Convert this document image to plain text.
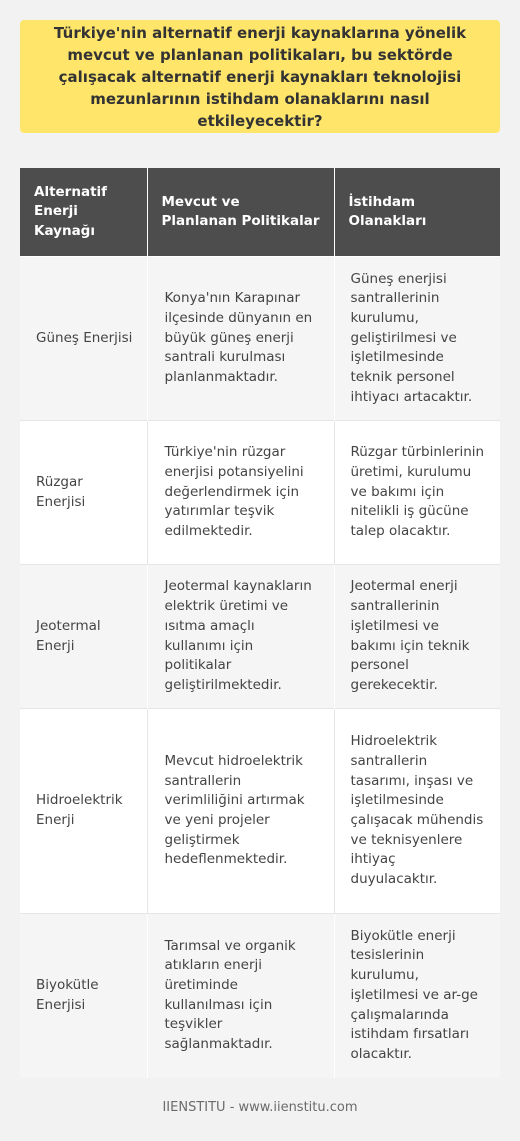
Türkiye'nin alternatif enerji kaynaklarına yönelik mevcut ve planlanan politikaları, bu sektörde çalışacak alternatif enerji kaynakları teknolojisi mezunlarının istihdam olanaklarını nasıl etkileyecektir?
Alternatif Enerji Kaynağı	Mevcut ve Planlanan Politikalar	İstihdam Olanakları
Güneş Enerjisi	Konya'nın Karapınar ilçesinde dünyanın en büyük güneş enerji santrali kurulması planlanmaktadır.	Güneş enerjisi santrallerinin kurulumu, geliştirilmesi ve işletilmesinde teknik personel ihtiyacı artacaktır.
Rüzgar Enerjisi	Türkiye'nin rüzgar enerjisi potansiyelini değerlendirmek için yatırımlar teşvik edilmektedir.	Rüzgar türbinlerinin üretimi, kurulumu ve bakımı için nitelikli iş gücüne talep olacaktır.
Jeotermal Enerji	Jeotermal kaynakların elektrik üretimi ve ısıtma amaçlı kullanımı için politikalar geliştirilmektedir.	Jeotermal enerji santrallerinin işletilmesi ve bakımı için teknik personel gerekecektir.
Hidroelektrik Enerji	Mevcut hidroelektrik santrallerin verimliliğini artırmak ve yeni projeler geliştirmek hedeflenmektedir.	Hidroelektrik santrallerin tasarımı, inşası ve işletilmesinde çalışacak mühendis ve teknisyenlere ihtiyaç duyulacaktır.
Biyokütle Enerjisi	Tarımsal ve organik atıkların enerji üretiminde kullanılması için teşvikler sağlanmaktadır.	Biyokütle enerji tesislerinin kurulumu, işletilmesi ve ar-ge çalışmalarında istihdam fırsatları olacaktır.
IIENSTITU - www.iienstitu.com
